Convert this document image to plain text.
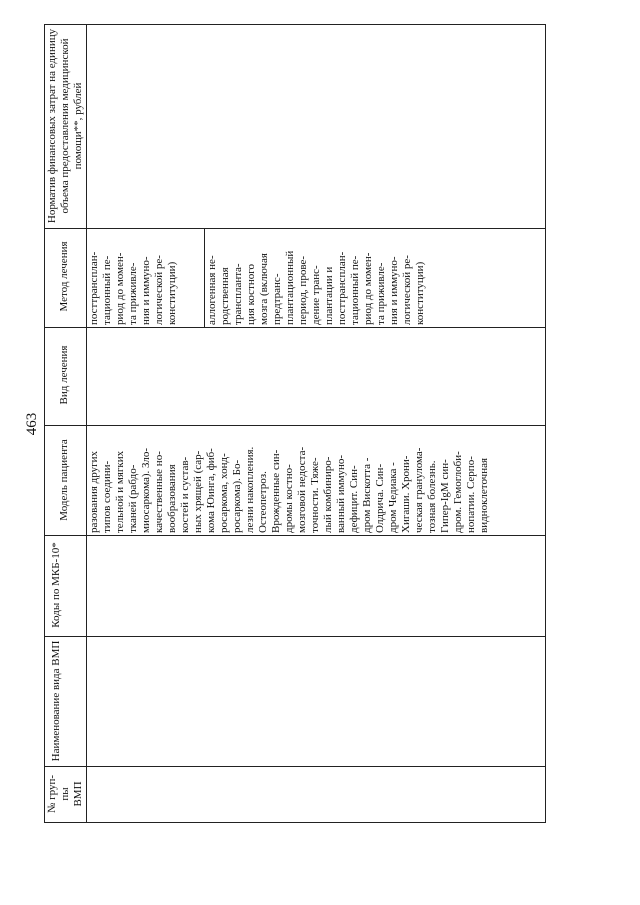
463
№ груп-
пы
ВМП
Наименование вида ВМП
Коды по МКБ-10*
Модель пациента
Вид лечения
Метод лечения
Норматив финансовых затрат на единицу объема предоставления медицинской помощи**, рублей
разования других типов соедини- тельной и мягких тканей (рабдо- миосаркома). Зло- качественные но- вообразования костей и сустав- ных хрящей (сар- кома Юинга, фиб- росаркома, хонд- росаркома). Бо- лезни накопления. Остеопетроз. Врожденные син- дромы костно- мозговой недоста- точности. Тяже- лый комбиниро- ванный иммуно- дефицит. Син- дром Вискотта - Олдрича. Син- дром Чедиака - Хигаши. Хрони- ческая гранулома- тозная болезнь. Гипер-IgM син- дром. Гемоглоби- нопатии. Серпо- видноклеточная
посттрансплан- тационный пе- риод до момен- та приживле- ния и иммуно- логической ре- конституции)	аллогенная не- родственная трансплантa- ция костного мозга (включая предтранс- плантационный период, прове- дение транс- плантации и посттрансплан- тационный пе- риод до момен- та приживле- ния и иммуно- логической ре- конституции)
